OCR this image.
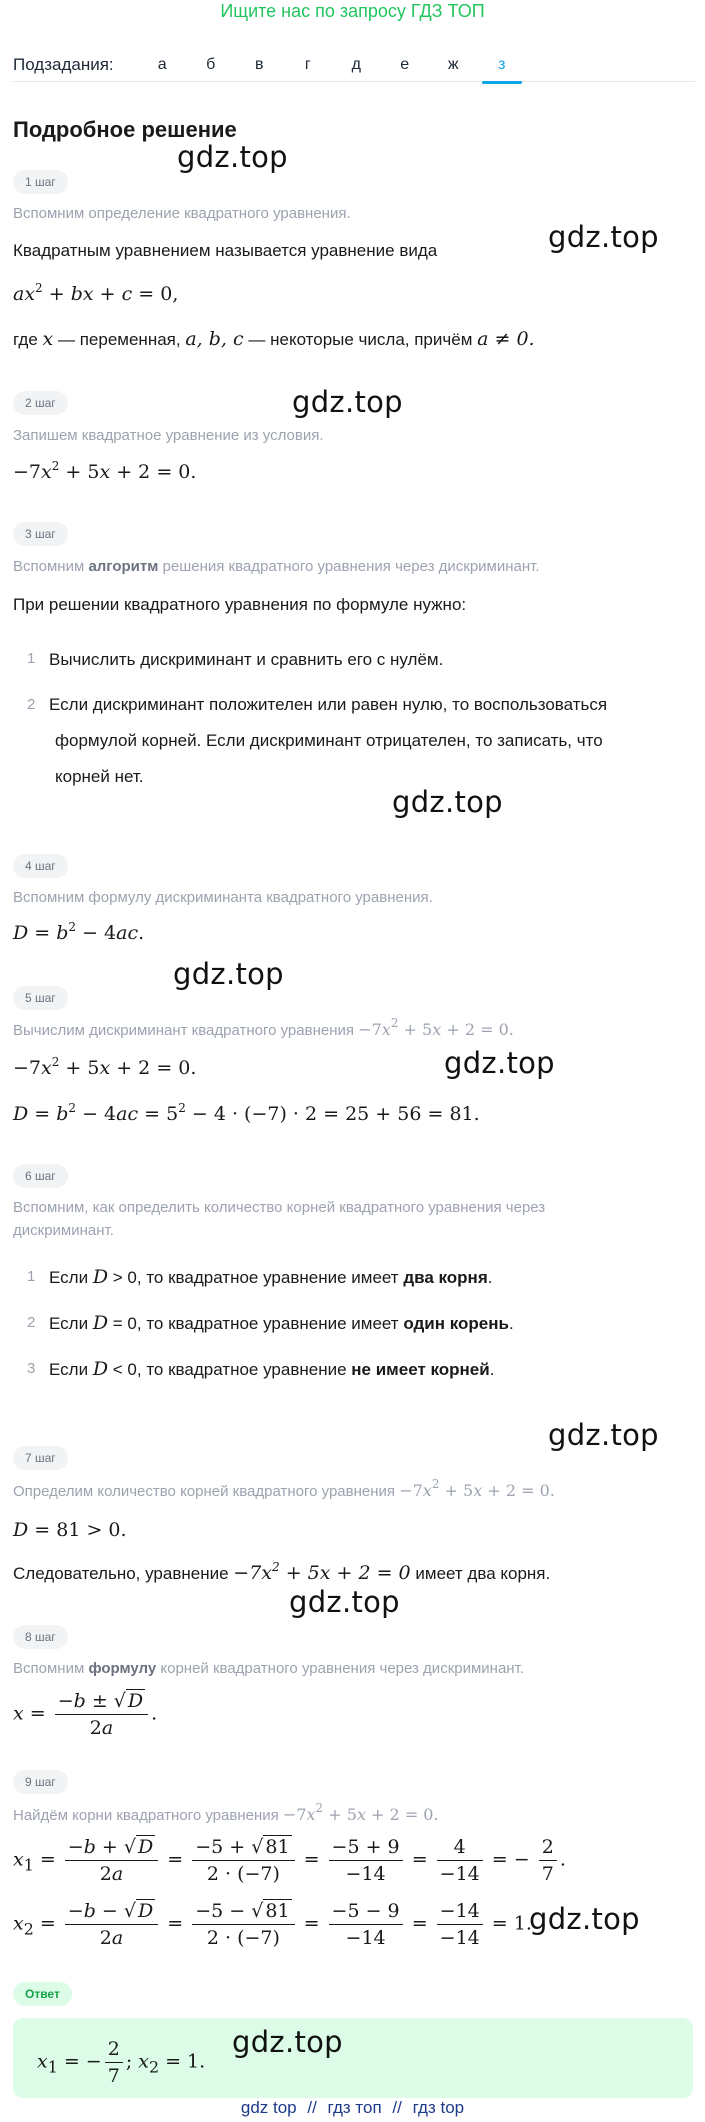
Ищите нас по запросу ГДЗ ТОП
Подзадания:	а	б	в	г	д	е	ж	з
Подробное решение
gdz.top
gdz.top
gdz.top
gdz.top
gdz.top
gdz.top
gdz.top
gdz.top
gdz.top
gdz.top
1 шаг
Вспомним определение квадратного уравнения.
Квадратным уравнением называется уравнение вида
$ax^2$ + bx + c = 0,
где x — переменная, a, b, c — некоторые числа, причём a ≠ 0.
2 шаг
Запишем квадратное уравнение из условия.
$-7x^2 + 5x + 2 = 0$.
3 шаг
Вспомним алгоритм решения квадратного уравнения через дискриминант.
При решении квадратного уравнения по формуле нужно:
1 Вычислить дискриминант и сравнить его с нулём.
2 Если дискриминант положителен или равен нулю, то воспользоваться
формулой корней. Если дискриминант отрицателен, то записать, что
корней нет.
4 шаг
Вспомним формулу дискриминанта квадратного уравнения.
$D = b^2 - 4ac$.
5 шаг
Вычислим дискриминант квадратного уравнения $-7x^2 + 5x + 2 = 0$.
$-7x^2 + 5x + 2 = 0$.
$D = b^2 - 4ac = 5^2 - 4 \cdot (-7) \cdot 2 = 25 + 56 = 81$.
6 шаг
Вспомним, как определить количество корней квадратного уравнения через
дискриминант.
1 Если D > 0, то квадратное уравнение имеет два корня.
2 Если D = 0, то квадратное уравнение имеет один корень.
3 Если D < 0, то квадратное уравнение не имеет корней.
7 шаг
Определим количество корней квадратного уравнения $-7x^2 + 5x + 2 = 0$.
D = 81 > 0.
Следовательно, уравнение $-7x^2 + 5x + 2 = 0$ имеет два корня.
8 шаг
Вспомним формулу корней квадратного уравнения через дискриминант.
$x = \frac{-b \pm √ D}{2a}$ .
9 шаг
Найдём корни квадратного уравнения $-7x^2 + 5x + 2 = 0$.
$x_1 = \frac{-b + √ D}{2a} = \frac{-5 + √ 81}{2 \cdot (-7)} = \frac{-5 + 9}{-14} = \frac{4}{-14}$ = − $\frac{2}{7}$ .
$x_2 = \frac{-b - √ D}{2a} = \frac{-5 - √ 81}{2 \cdot (-7)} = \frac{-5 - 9}{-14} = \frac{-14}{-14} = 1$.
Ответ
$x_1$ = − $\frac{2}{7}$ ; $x_2 = 1$.
gdz top // гдз топ // гдз top
